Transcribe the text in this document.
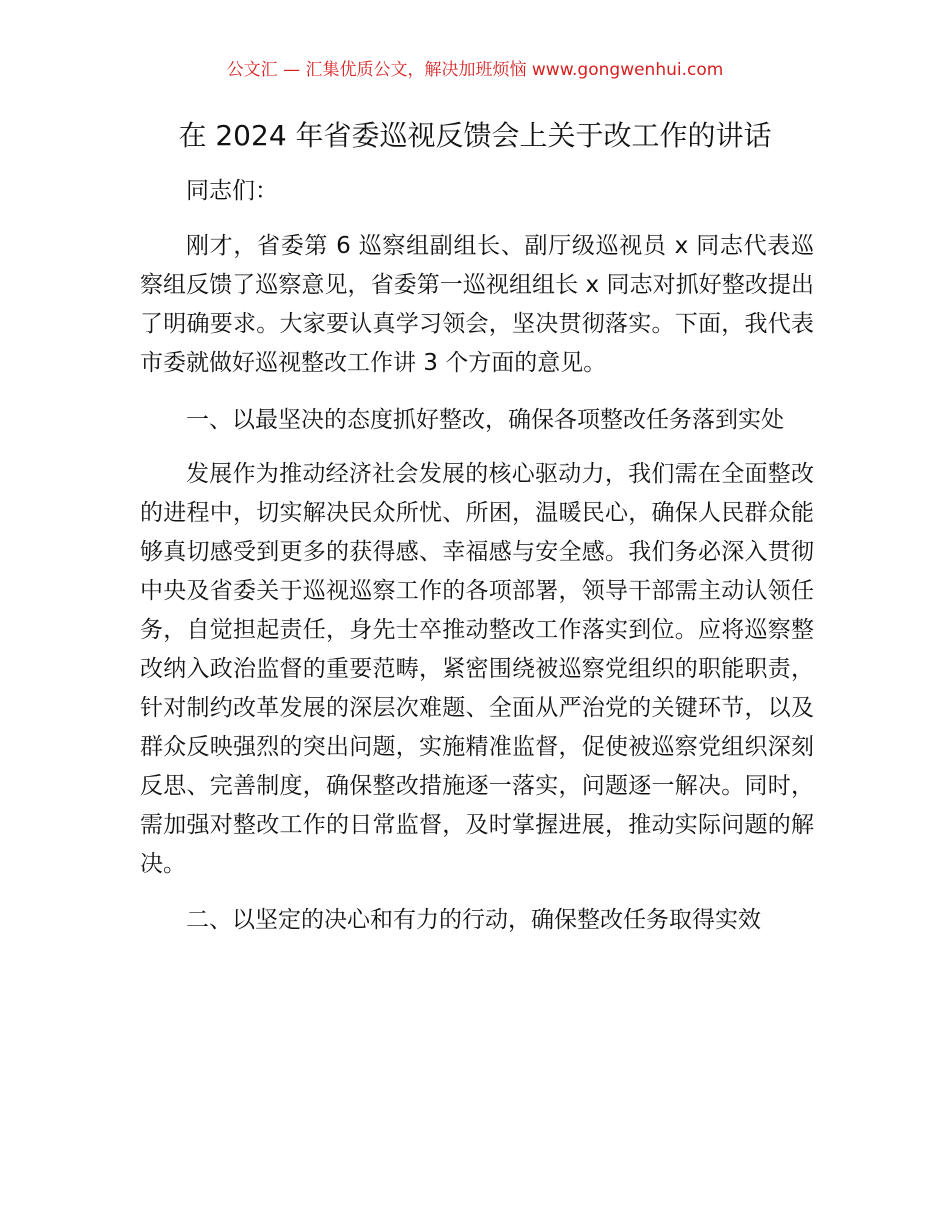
公文汇 — 汇集优质公文，解决加班烦恼 www.gongwenhui.com
在 2024 年省委巡视反馈会上关于改工作的讲话

同志们：

刚才，省委第 6 巡察组副组长、副厅级巡视员 x 同志代表巡察组反馈了巡察意见，省委第一巡视组组长 x 同志对抓好整改提出了明确要求。大家要认真学习领会，坚决贯彻落实。下面，我代表市委就做好巡视整改工作讲 3 个方面的意见。

一、以最坚决的态度抓好整改，确保各项整改任务落到实处

发展作为推动经济社会发展的核心驱动力，我们需在全面整改的进程中，切实解决民众所忧、所困，温暖民心，确保人民群众能够真切感受到更多的获得感、幸福感与安全感。我们务必深入贯彻中央及省委关于巡视巡察工作的各项部署，领导干部需主动认领任务，自觉担起责任，身先士卒推动整改工作落实到位。应将巡察整改纳入政治监督的重要范畴，紧密围绕被巡察党组织的职能职责，针对制约改革发展的深层次难题、全面从严治党的关键环节，以及群众反映强烈的突出问题，实施精准监督，促使被巡察党组织深刻反思、完善制度，确保整改措施逐一落实，问题逐一解决。同时，需加强对整改工作的日常监督，及时掌握进展，推动实际问题的解决。

二、以坚定的决心和有力的行动，确保整改任务取得实效
